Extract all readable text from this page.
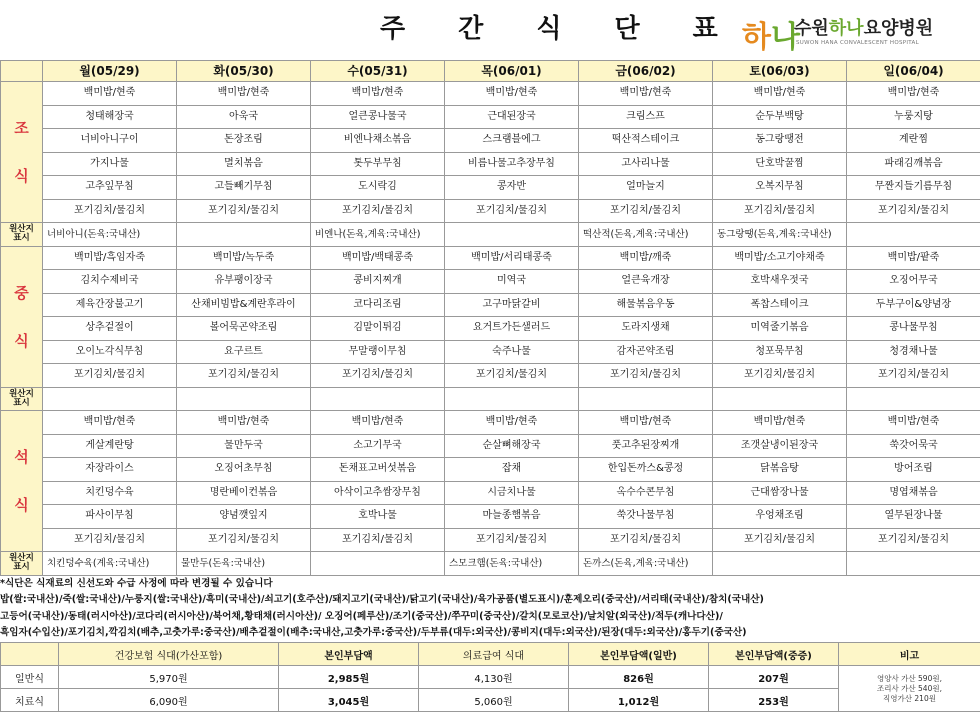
주 간 식 단 표 하나
수원하나요양병원
SUWON HANA CONVALESCENT HOSPITAL
	월(05/29)	화(05/30)	수(05/31)	목(06/01)	금(06/02)	토(06/03)	일(06/04)
조

식	백미밥/현죽	백미밥/현죽	백미밥/현죽	백미밥/현죽	백미밥/현죽	백미밥/현죽	백미밥/현죽
	청태해장국	아욱국	얼큰콩나물국	근대된장국	크림스프	순두부백탕	누룽지탕
	너비아니구이	돈장조림	비엔나채소볶음	스크램블에그	떡산적스테이크	동그랑땡전	계란찜
	가지나물	멸치볶음	톳두부무침	비름나물고추장무침	고사리나물	단호박꿀찜	파래김깨볶음
	고추잎무침	고들빼기무침	도시락김	콩자반	얼마늘지	오복지무침	무짠지들기름무침
	포기김치/물김치	포기김치/물김치	포기김치/물김치	포기김치/물김치	포기김치/물김치	포기김치/물김치	포기김치/물김치
원산지
표시	너비아니(돈육:국내산)		비엔나(돈육,계육:국내산)		떡산적(돈육,계육:국내산)	동그랑땡(돈육,계육:국내산)	
중

식	백미밥/흑임자죽	백미밥/녹두죽	백미밥/백태콩죽	백미밥/서리태콩죽	백미밥/깨죽	백미밥/소고기야채죽	백미밥/팥죽
	김치수제비국	유부팽이장국	콩비지찌개	미역국	얼큰육개장	호박새우젓국	오징어무국
	제육간장불고기	산채비빔밥&계란후라이	코다리조림	고구마닭갈비	해물볶음우동	폭찹스테이크	두부구이&양념장
	상추겉절이	볼어묵곤약조림	김말이튀김	요거트가든샐러드	도라지생채	미역줄기볶음	콩나물무침
	오이노각식무침	요구르트	무말랭이무침	숙주나물	감자곤약조림	청포묵무침	청경채나물
	포기김치/물김치	포기김치/물김치	포기김치/물김치	포기김치/물김치	포기김치/물김치	포기김치/물김치	포기김치/물김치
원산지
표시							
석

식	백미밥/현죽	백미밥/현죽	백미밥/현죽	백미밥/현죽	백미밥/현죽	백미밥/현죽	백미밥/현죽
	게살계란탕	물만두국	소고기무국	순살뼈해장국	풋고추된장찌개	조갯살냉이된장국	쑥갓어묵국
	자장라이스	오징어초무침	돈채표고버섯볶음	잡채	한입돈까스&콩정	닭볶음탕	방어조림
	치킨덩수육	명란베이컨볶음	아삭이고추쌈장무침	시금치나물	옥수수콘무침	근대쌈장나물	명엽채볶음
	파사이무침	양념깻잎지	호박나물	마늘종햄볶음	쑥갓나물무침	우엉채조림	열무된장나물
	포기김치/물김치	포기김치/물김치	포기김치/물김치	포기김치/물김치	포기김치/물김치	포기김치/물김치	포기김치/물김치
원산지
표시	치킨덩수육(계육:국내산)	물만두(돈육:국내산)		스모크햄(돈육:국내산)	돈까스(돈육,계육:국내산)		
*식단은 식재료의 신선도와 수급 사정에 따라 변경될 수 있습니다
밥(쌀:국내산)/죽(쌀:국내산)/누룽지(쌀:국내산)/흑미(국내산)/쇠고기(호주산)/돼지고기(국내산)/닭고기(국내산)/육가공품(별도표시)/훈제오리(중국산)/서리태(국내산)/참치(국내산)
고등어(국내산)/동태(러시아산)/코다리(러시아산)/북어채,황태채(러시아산)/ 오징어(페루산)/조기(중국산)/쭈꾸미(중국산)/갈치(모로코산)/날치알(외국산)/적두(캐나다산)/
흑임자(수입산)/포기김치,깍김치(배추,고춧가루:중국산)/배추겉절이(배추:국내산,고춧가루:중국산)/두부류(대두:외국산)/콩비지(대두:외국산)/된장(대두:외국산)/홍두기(중국산)
	건강보험 식대(가산포함)	본인부담액	의료급여 식대	본인부담액(일반)	본인부담액(중증)	비고
일반식	5,970원	2,985원	4,130원	826원	207원	영양사 가산 590원,
조리사 가산 540원,
직영가산 210원
치료식	6,090원	3,045원	5,060원	1,012원	253원	
